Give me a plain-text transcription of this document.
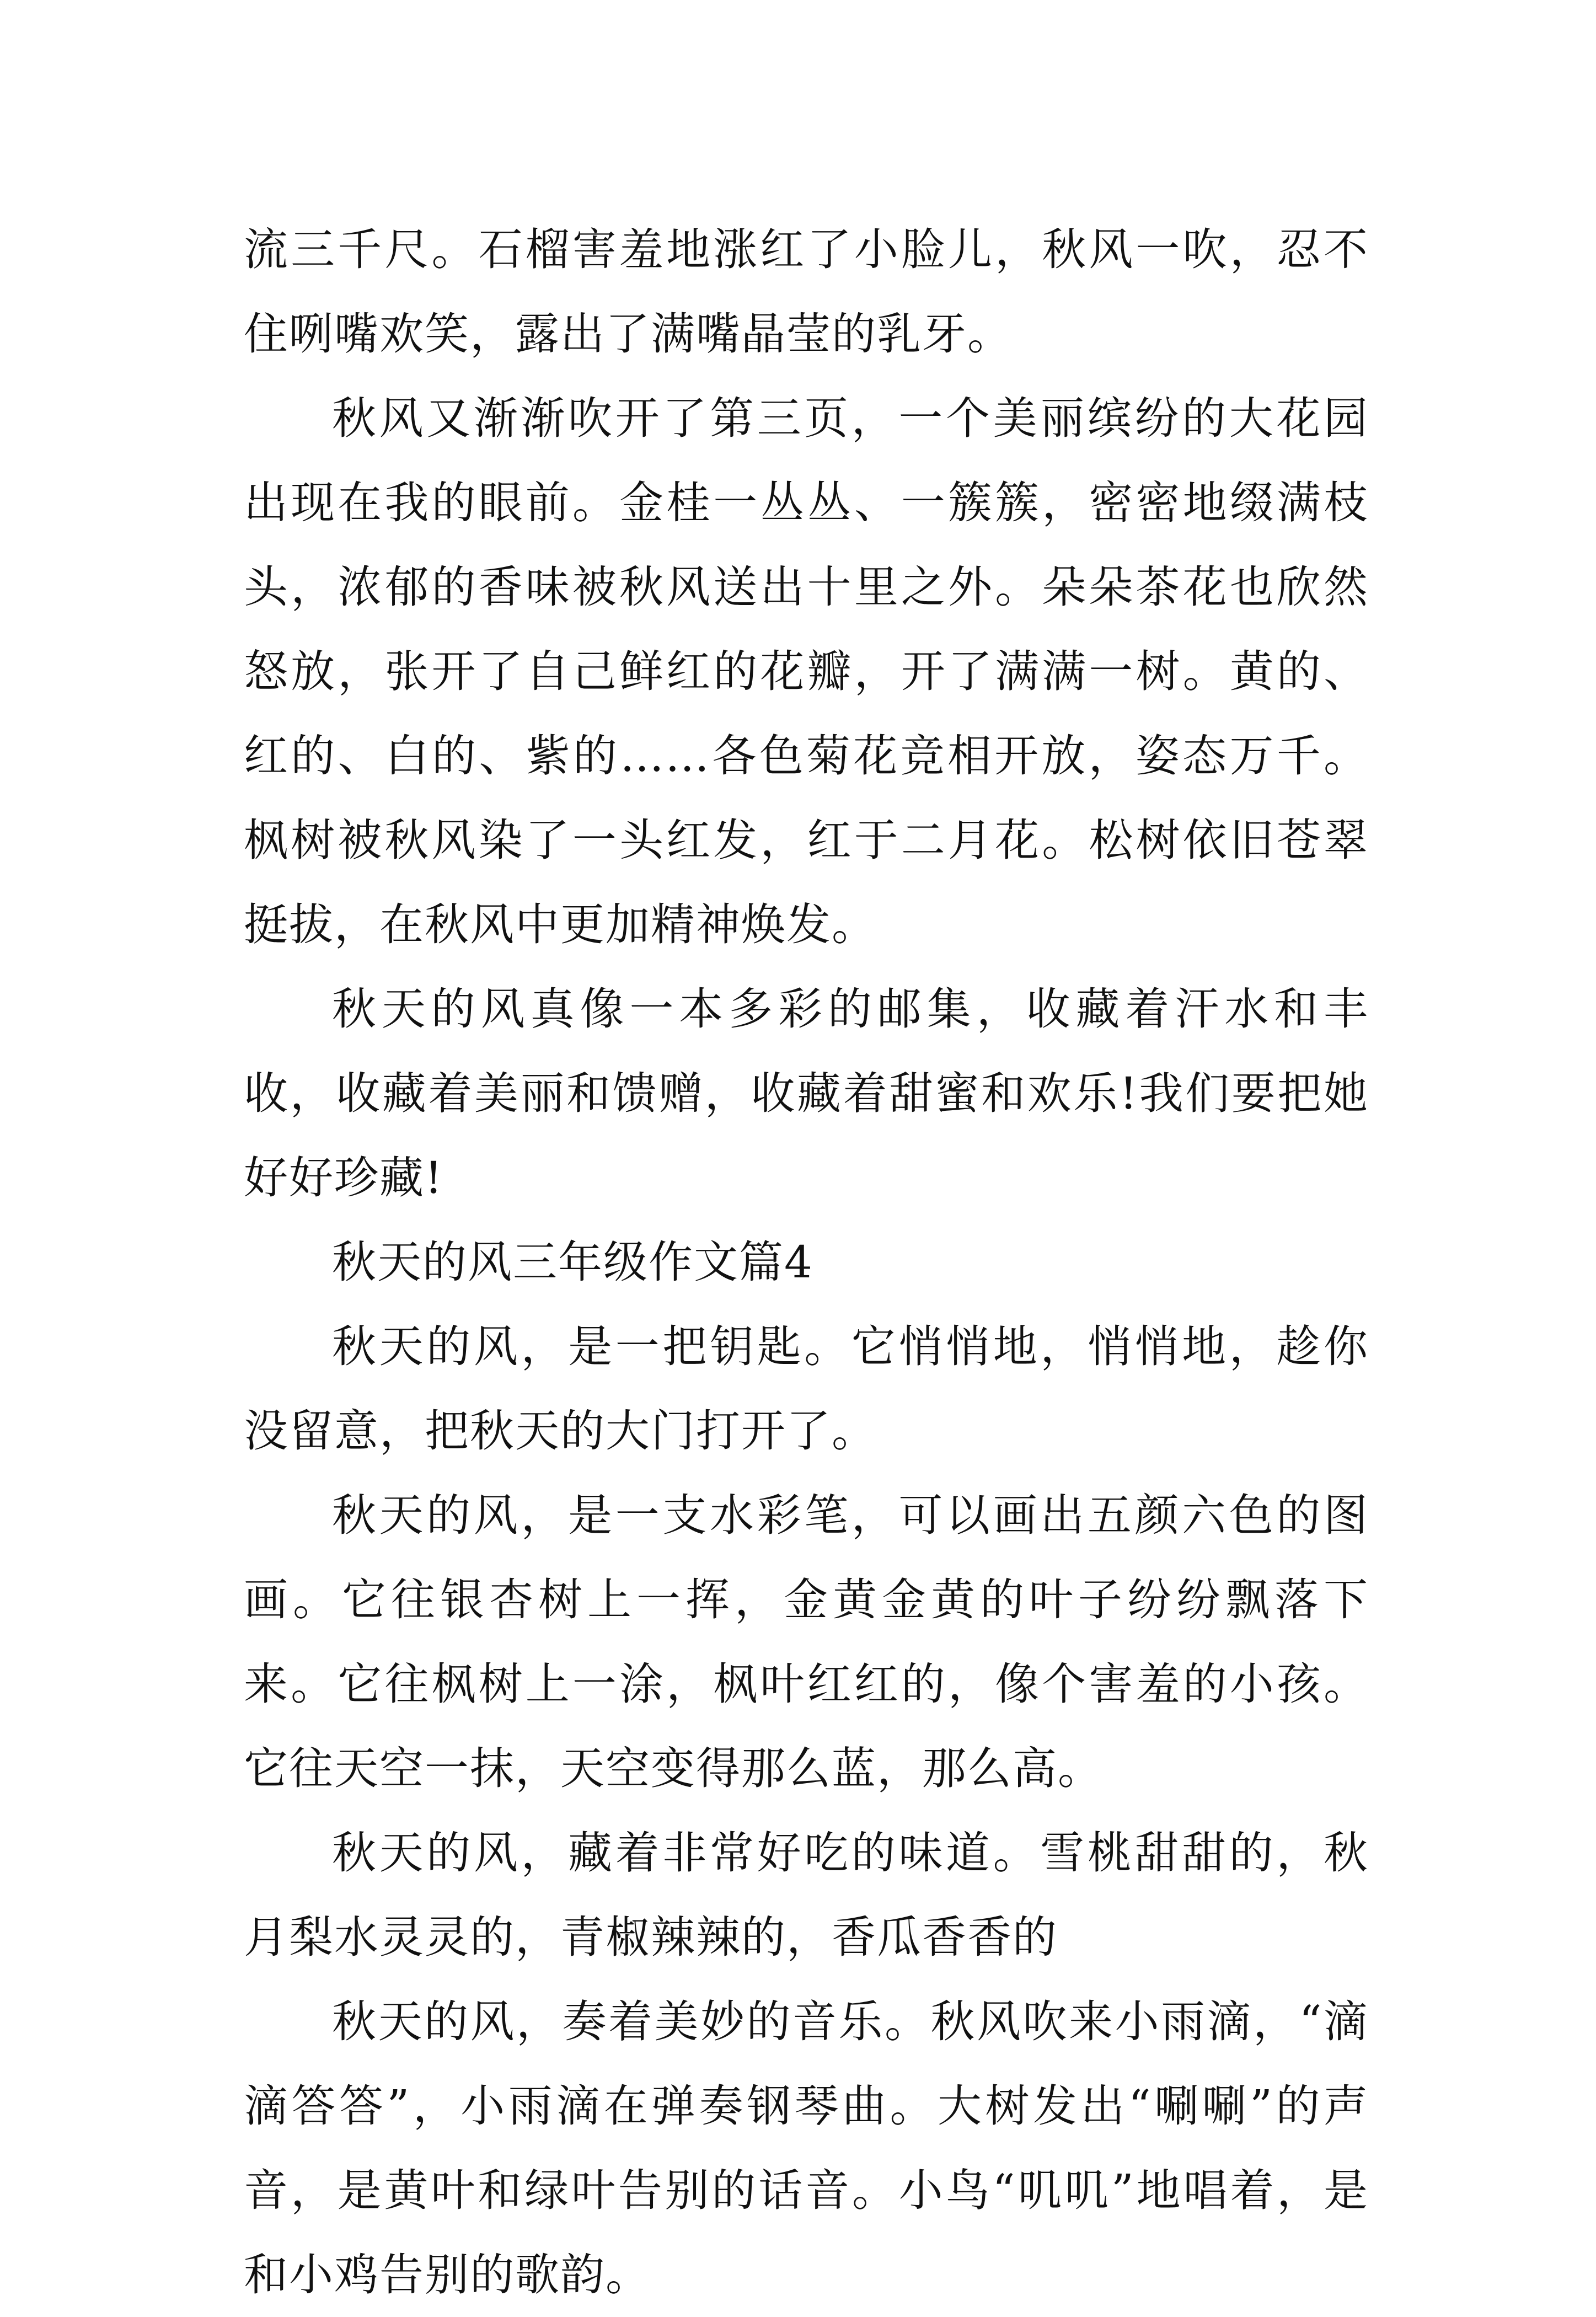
流三千尺。石榴害羞地涨红了小脸儿，秋风一吹，忍不住咧嘴欢笑，露出了满嘴晶莹的乳牙。

秋风又渐渐吹开了第三页，一个美丽缤纷的大花园出现在我的眼前。金桂一丛丛、一簇簇，密密地缀满枝头，浓郁的香味被秋风送出十里之外。朵朵茶花也欣然怒放，张开了自己鲜红的花瓣，开了满满一树。黄的、红的、白的、紫的……各色菊花竞相开放，姿态万千。枫树被秋风染了一头红发，红于二月花。松树依旧苍翠挺拔，在秋风中更加精神焕发。

秋天的风真像一本多彩的邮集，收藏着汗水和丰收，收藏着美丽和馈赠，收藏着甜蜜和欢乐!我们要把她好好珍藏!

秋天的风三年级作文篇4

秋天的风，是一把钥匙。它悄悄地，悄悄地，趁你没留意，把秋天的大门打开了。

秋天的风，是一支水彩笔，可以画出五颜六色的图画。它往银杏树上一挥，金黄金黄的叶子纷纷飘落下来。它往枫树上一涂，枫叶红红的，像个害羞的小孩。它往天空一抹，天空变得那么蓝，那么高。

秋天的风，藏着非常好吃的味道。雪桃甜甜的，秋月梨水灵灵的，青椒辣辣的，香瓜香香的

秋天的风，奏着美妙的音乐。秋风吹来小雨滴，“滴滴答答”，小雨滴在弹奏钢琴曲。大树发出“唰唰”的声音，是黄叶和绿叶告别的话音。小鸟“叽叽”地唱着，是和小鸡告别的歌韵。
